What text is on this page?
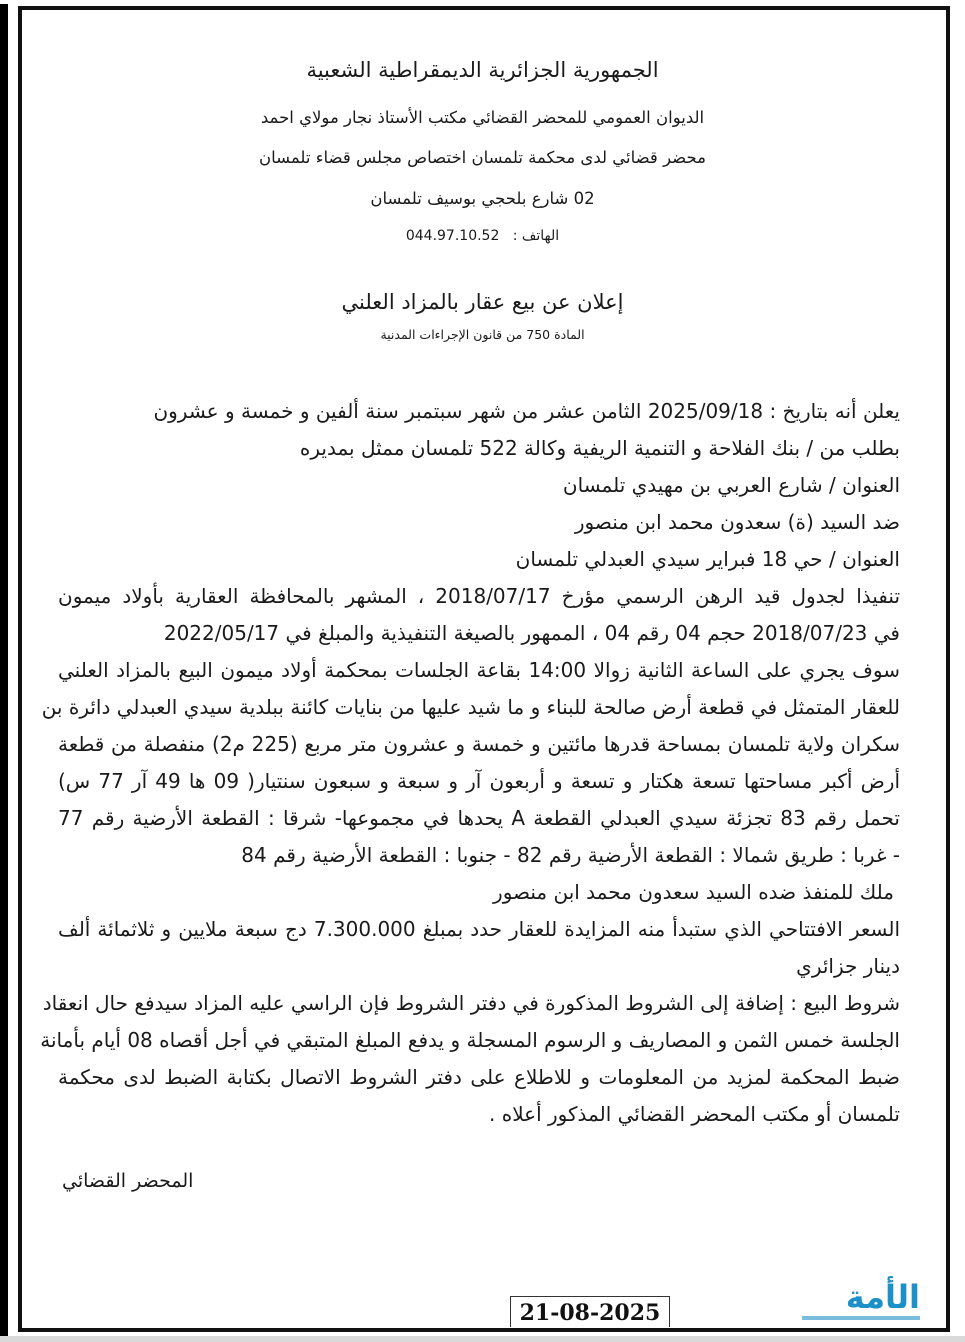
الجمهورية الجزائرية الديمقراطية الشعبية
الديوان العمومي للمحضر القضائي مكتب الأستاذ نجار مولاي احمد
محضر قضائي لدى محكمة تلمسان اختصاص مجلس قضاء تلمسان
02 شارع بلحجي بوسيف تلمسان
الهاتف :   044.97.10.52
إعلان عن بيع عقار بالمزاد العلني
المادة 750 من قانون الإجراءات المدنية
يعلن أنه بتاريخ : 2025/09/18 الثامن عشر من شهر سبتمبر سنة ألفين و خمسة و عشرون
بطلب من / بنك الفلاحة و التنمية الريفية وكالة 522 تلمسان ممثل بمديره
العنوان / شارع العربي بن مهيدي تلمسان
ضد السيد (ة) سعدون محمد ابن منصور
العنوان / حي 18 فبراير سيدي العبدلي تلمسان
تنفيذا لجدول قيد الرهن الرسمي مؤرخ 2018/07/17 ، المشهر بالمحافظة العقارية بأولاد ميمون
في 2018/07/23 حجم 04 رقم 04 ، الممهور بالصيغة التنفيذية والمبلغ في 2022/05/17
سوف يجري على الساعة الثانية زوالا 14:00 بقاعة الجلسات بمحكمة أولاد ميمون البيع بالمزاد العلني
للعقار المتمثل في قطعة أرض صالحة للبناء و ما شيد عليها من بنايات كائنة ببلدية سيدي العبدلي دائرة بن
سكران ولاية تلمسان بمساحة قدرها مائتين و خمسة و عشرون متر مربع (225 م2) منفصلة من قطعة
أرض أكبر مساحتها تسعة هكتار و تسعة و أربعون آر و سبعة و سبعون سنتيار( 09 ها 49 آر 77 س)
تحمل رقم 83 تجزئة سيدي العبدلي القطعة A يحدها في مجموعها- شرقا : القطعة الأرضية رقم 77
- غربا : طريق شمالا : القطعة الأرضية رقم 82 - جنوبا : القطعة الأرضية رقم 84
ملك للمنفذ ضده السيد سعدون محمد ابن منصور
السعر الافتتاحي الذي ستبدأ منه المزايدة للعقار حدد بمبلغ 7.300.000 دج سبعة ملايين و ثلاثمائة ألف
دينار جزائري
شروط البيع : إضافة إلى الشروط المذكورة في دفتر الشروط فإن الراسي عليه المزاد سيدفع حال انعقاد
الجلسة خمس الثمن و المصاريف و الرسوم المسجلة و يدفع المبلغ المتبقي في أجل أقصاه 08 أيام بأمانة
ضبط المحكمة لمزيد من المعلومات و للاطلاع على دفتر الشروط الاتصال بكتابة الضبط لدى محكمة
تلمسان أو مكتب المحضر القضائي المذكور أعلاه .
المحضر القضائي
21-08-2025	الأمة
